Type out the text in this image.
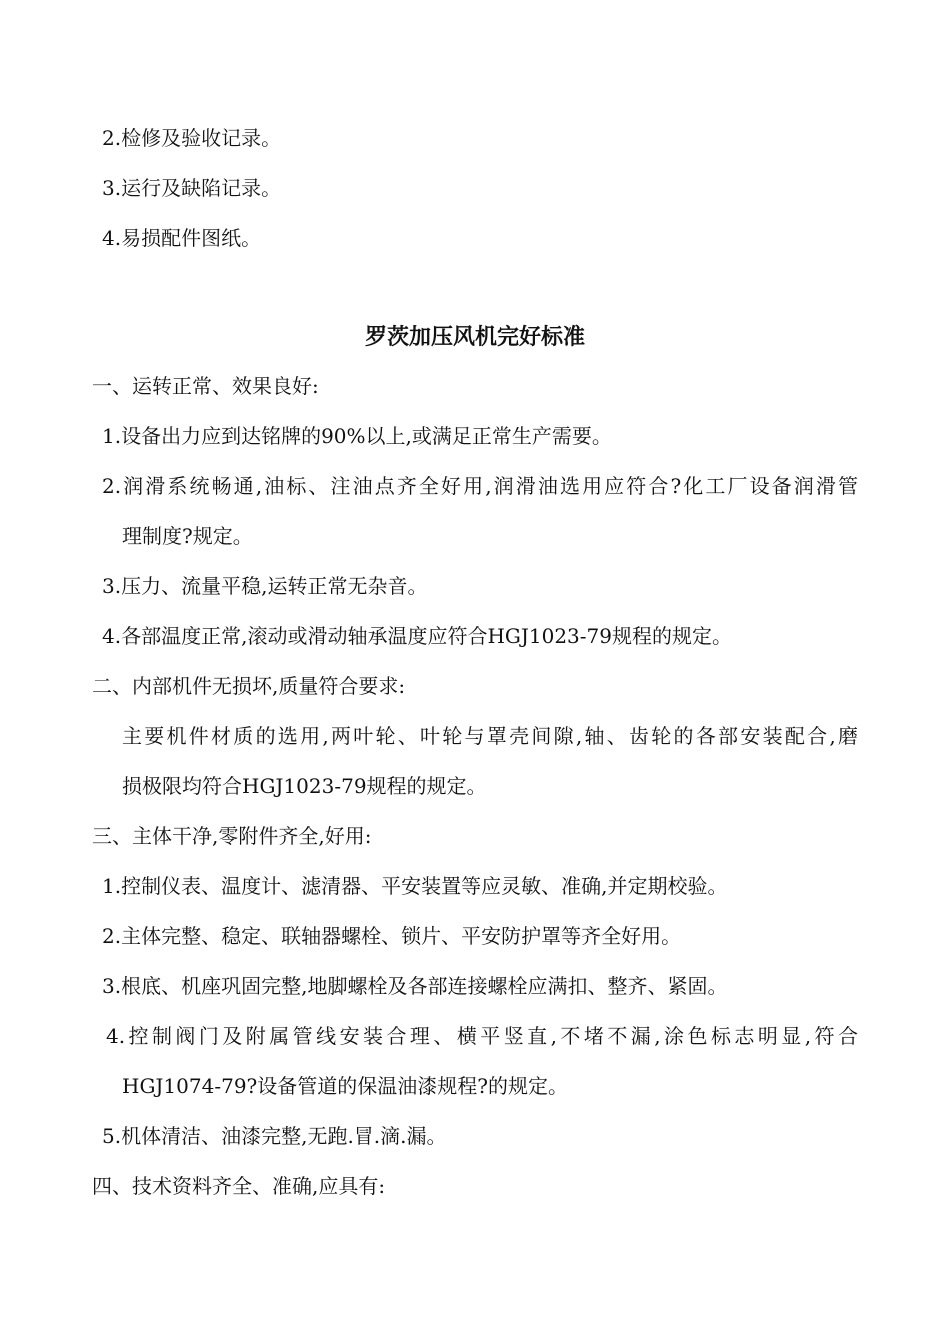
2.检修及验收记录。
3.运行及缺陷记录。
4.易损配件图纸。
罗茨加压风机完好标准
一、运转正常、效果良好:
1.设备出力应到达铭牌的90%以上,或满足正常生产需要。
2.润滑系统畅通,油标、注油点齐全好用,润滑油选用应符合?化工厂设备润滑管
理制度?规定。
3.压力、流量平稳,运转正常无杂音。
4.各部温度正常,滚动或滑动轴承温度应符合HGJ1023-79规程的规定。
二、内部机件无损坏,质量符合要求:
主要机件材质的选用,两叶轮、叶轮与罩壳间隙,轴、齿轮的各部安装配合,磨
损极限均符合HGJ1023-79规程的规定。
三、主体干净,零附件齐全,好用:
1.控制仪表、温度计、滤清器、平安装置等应灵敏、准确,并定期校验。
2.主体完整、稳定、联轴器螺栓、锁片、平安防护罩等齐全好用。
3.根底、机座巩固完整,地脚螺栓及各部连接螺栓应满扣、整齐、紧固。
4.控制阀门及附属管线安装合理、横平竖直,不堵不漏,涂色标志明显,符合
HGJ1074-79?设备管道的保温油漆规程?的规定。
5.机体清洁、油漆完整,无跑.冒.滴.漏。
四、技术资料齐全、准确,应具有:
